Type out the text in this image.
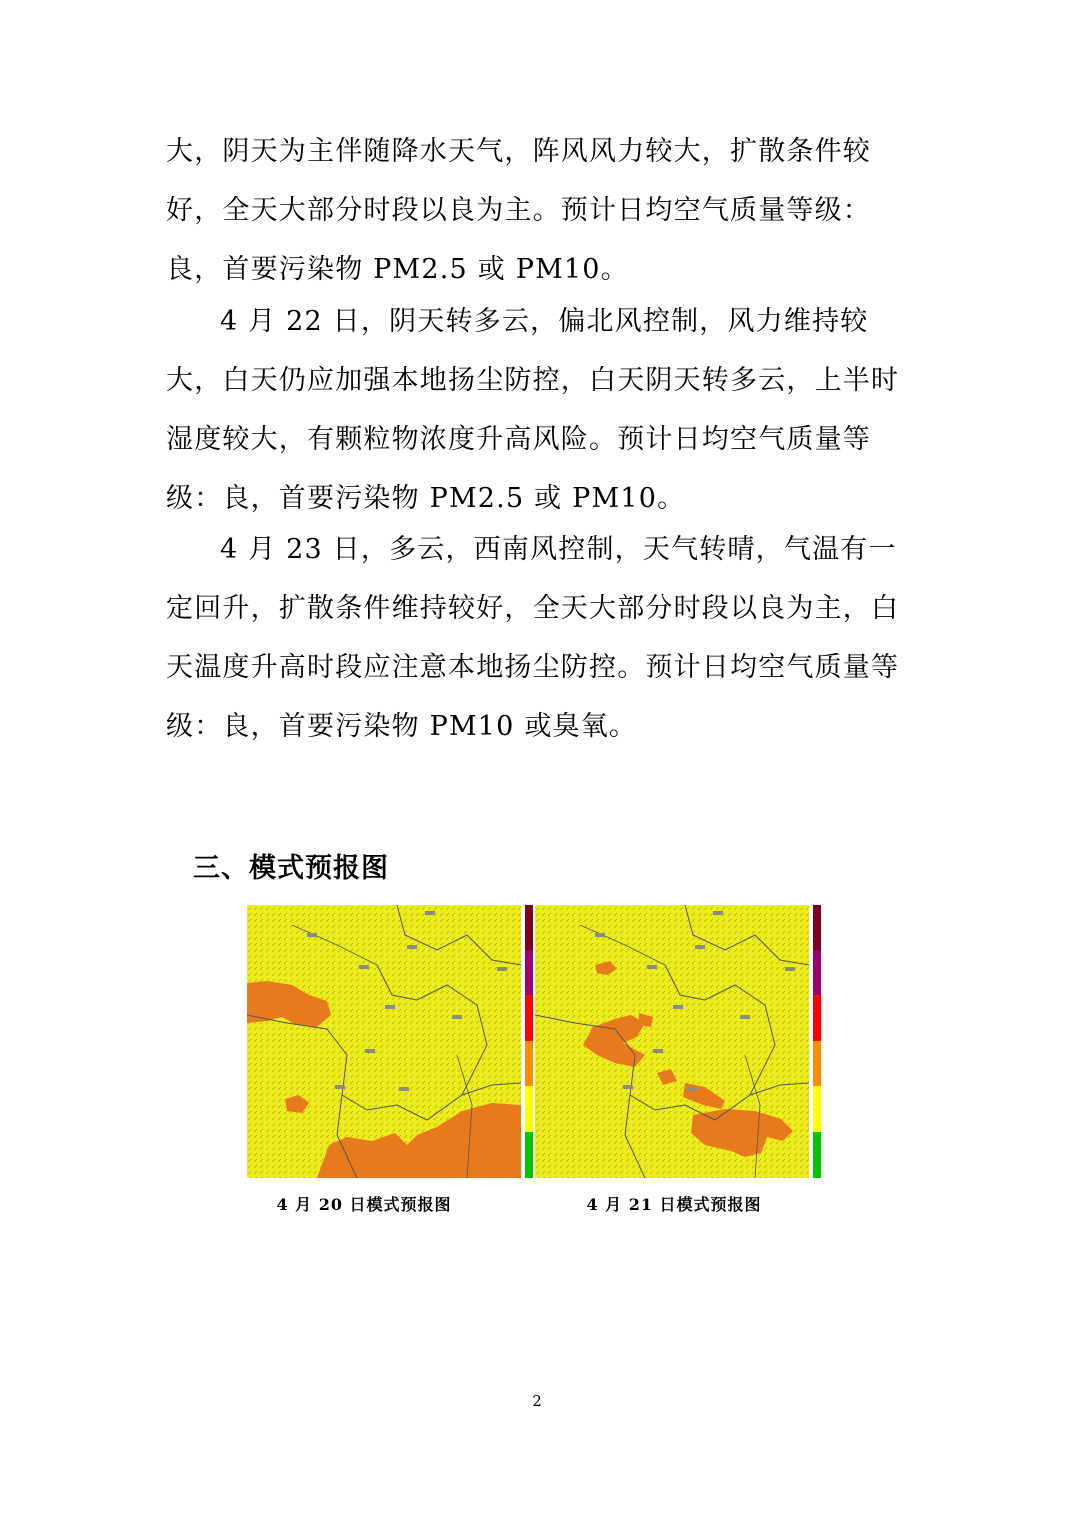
大，阴天为主伴随降水天气，阵风风力较大，扩散条件较好，全天大部分时段以良为主。预计日均空气质量等级：良，首要污染物 PM2.5 或 PM10。

4 月 22 日，阴天转多云，偏北风控制，风力维持较大，白天仍应加强本地扬尘防控，白天阴天转多云，上半时湿度较大，有颗粒物浓度升高风险。预计日均空气质量等级：良，首要污染物 PM2.5 或 PM10。

4 月 23 日，多云，西南风控制，天气转晴，气温有一定回升，扩散条件维持较好，全天大部分时段以良为主，白天温度升高时段应注意本地扬尘防控。预计日均空气质量等级：良，首要污染物 PM10 或臭氧。

三、模式预报图
4 月 20 日模式预报图	4 月 21 日模式预报图
2
